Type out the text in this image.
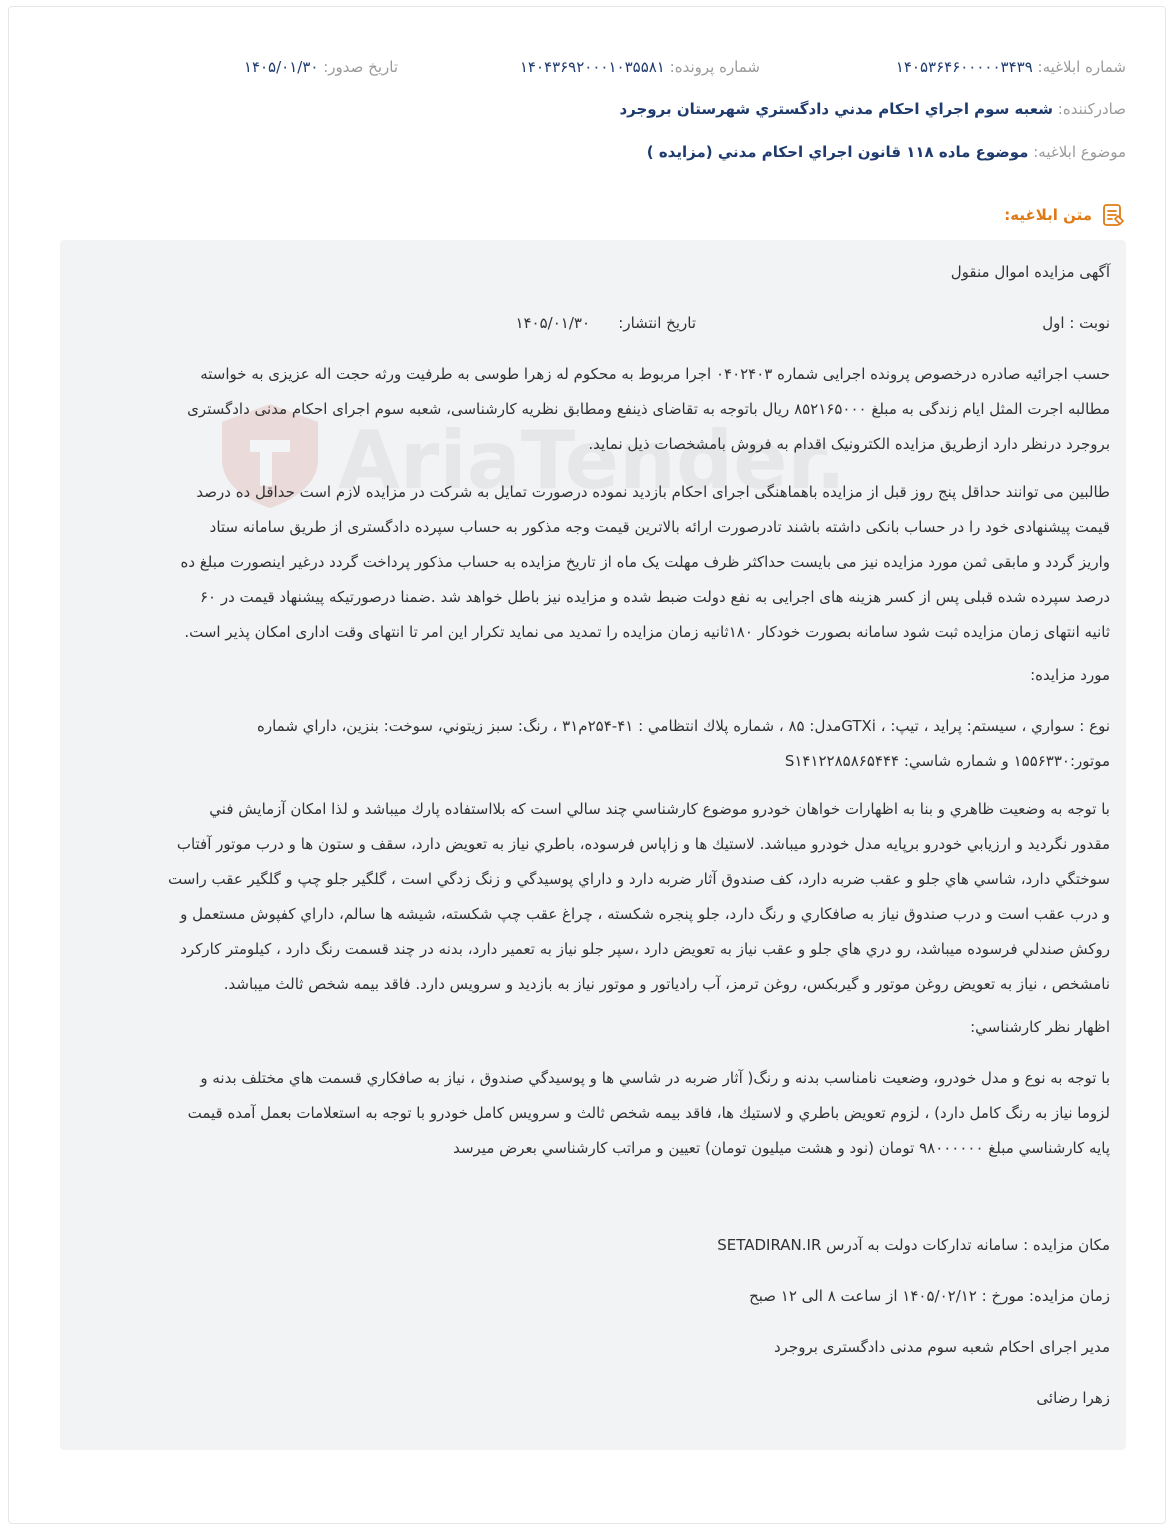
شماره ابلاغیه: ۱۴۰۵۳۶۴۶۰۰۰۰۰۳۴۳۹
شماره پرونده: ۱۴۰۴۳۶۹۲۰۰۰۱۰۳۵۵۸۱
تاریخ صدور: ۱۴۰۵/۰۱/۳۰
صادرکننده: شعبه سوم اجراي احکام مدني دادگستري شهرستان بروجرد
موضوع ابلاغیه: موضوع ماده ۱۱۸ قانون اجراي احکام مدني (مزايده )
متن ابلاغیه:
AriaTender.
آگهی مزایده اموال منقول
نوبت : اول
تاریخ انتشار:
۱۴۰۵/۰۱/۳۰
حسب اجرائیه صادره درخصوص پرونده اجرایی شماره ۰۴۰۲۴۰۳ اجرا مربوط به محکوم له زهرا طوسی به طرفیت ورثه حجت اله عزیزی به خواسته
مطالبه اجرت المثل ایام زندگی به مبلغ ۸۵۲۱۶۵۰۰۰ ریال باتوجه به تقاضای ذینفع ومطابق نظریه کارشناسی، شعبه سوم اجرای احکام مدنی دادگستری
بروجرد درنظر دارد ازطریق مزایده الکترونیک اقدام به فروش بامشخصات ذیل نماید.
طالبین می توانند حداقل پنج روز قبل از مزایده باهماهنگی اجرای احکام بازدید نموده درصورت تمایل به شرکت در مزایده لازم است حداقل ده درصد
قیمت پیشنهادی خود را در حساب بانکی داشته باشند تادرصورت ارائه بالاترین قیمت وجه مذکور به حساب سپرده دادگستری از طریق سامانه ستاد
واریز گردد و مابقی ثمن مورد مزایده نیز می بایست حداکثر ظرف مهلت یک ماه از تاریخ مزایده به حساب مذکور پرداخت گردد درغیر اینصورت مبلغ ده
درصد سپرده شده قبلی پس از کسر هزینه های اجرایی به نفع دولت ضبط شده و مزایده نیز باطل خواهد شد .ضمنا درصورتیکه پیشنهاد قیمت در ۶۰
ثانیه انتهای زمان مزایده ثبت شود سامانه بصورت خودکار ۱۸۰ثانیه زمان مزایده را تمدید می نماید تکرار این امر تا انتهای وقت اداری امکان پذیر است.
مورد مزایده:
نوع : سواري ، سيستم: پرايد ، تيپ: ، GTXiمدل: ۸۵ ، شماره پلاك انتظامي : ۴۱-۲۵۴م۳۱ ، رنگ: سبز زيتوني، سوخت: بنزين، داراي شماره
موتور:۱۵۵۶۳۳۰ و شماره شاسي: S۱۴۱۲۲۸۵۸۶۵۴۴۴
با توجه به وضعيت ظاهري و بنا به اظهارات خواهان خودرو موضوع كارشناسي چند سالي است كه بلااستفاده پارك ميباشد و لذا امكان آزمايش فني
مقدور نگرديد و ارزيابي خودرو برپايه مدل خودرو ميباشد. لاستيك ها و زاپاس فرسوده، باطري نياز به تعويض دارد، سقف و ستون ها و درب موتور آفتاب
سوختگي دارد، شاسي هاي جلو و عقب ضربه دارد، كف صندوق آثار ضربه دارد و داراي پوسيدگي و زنگ زدگي است ، گلگير جلو چپ و گلگير عقب راست
و درب عقب است و درب صندوق نياز به صافكاري و رنگ دارد، جلو پنجره شكسته ، چراغ عقب چپ شكسته، شيشه ها سالم، داراي كفپوش مستعمل و
روكش صندلي فرسوده ميباشد، رو دري هاي جلو و عقب نياز به تعويض دارد ،سپر جلو نياز به تعمير دارد، بدنه در چند قسمت رنگ دارد ، كيلومتر كاركرد
نامشخص ، نياز به تعويض روغن موتور و گيربكس، روغن ترمز، آب رادياتور و موتور نياز به بازديد و سرويس دارد. فاقد بيمه شخص ثالث ميباشد.
اظهار نظر كارشناسي:
با توجه به نوع و مدل خودرو، وضعيت نامناسب بدنه و رنگ( آثار ضربه در شاسي ها و پوسيدگي صندوق ، نياز به صافكاري قسمت هاي مختلف بدنه و
لزوما نياز به رنگ كامل دارد) ، لزوم تعويض باطري و لاستيك ها، فاقد بيمه شخص ثالث و سرويس كامل خودرو با توجه به استعلامات بعمل آمده قيمت
پايه كارشناسي مبلغ ۹۸۰۰۰۰۰۰ تومان (نود و هشت ميليون تومان) تعيين و مراتب كارشناسي بعرض ميرسد
مکان مزایده : سامانه تدارکات دولت به آدرس SETADIRAN.IR
زمان مزایده: مورخ : ۱۴۰۵/۰۲/۱۲ از ساعت ۸ الی ۱۲ صبح
مدیر اجرای احکام شعبه سوم مدنی دادگستری بروجرد
زهرا رضائی
